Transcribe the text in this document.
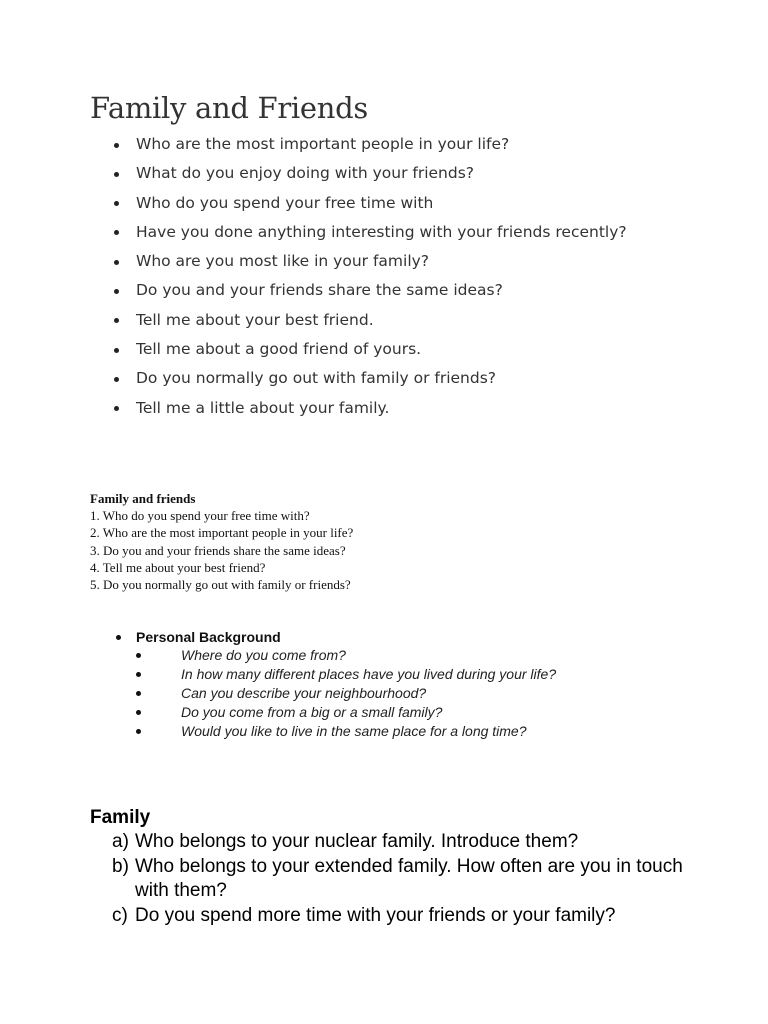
Family and Friends
Who are the most important people in your life?
What do you enjoy doing with your friends?
Who do you spend your free time with
Have you done anything interesting with your friends recently?
Who are you most like in your family?
Do you and your friends share the same ideas?
Tell me about your best friend.
Tell me about a good friend of yours.
Do you normally go out with family or friends?
Tell me a little about your family.

Family and friends

1. Who do you spend your free time with?
2. Who are the most important people in your life?
3. Do you and your friends share the same ideas?
4. Tell me about your best friend?
5. Do you normally go out with family or friends?

Personal Background

Where do you come from?
In how many different places have you lived during your life?
Can you describe your neighbourhood?
Do you come from a big or a small family?
Would you like to live in the same place for a long time?
Family
a) Who belongs to your nuclear family. Introduce them?
b) Who belongs to your extended family. How often are you in touch with them?
c) Do you spend more time with your friends or your family?
